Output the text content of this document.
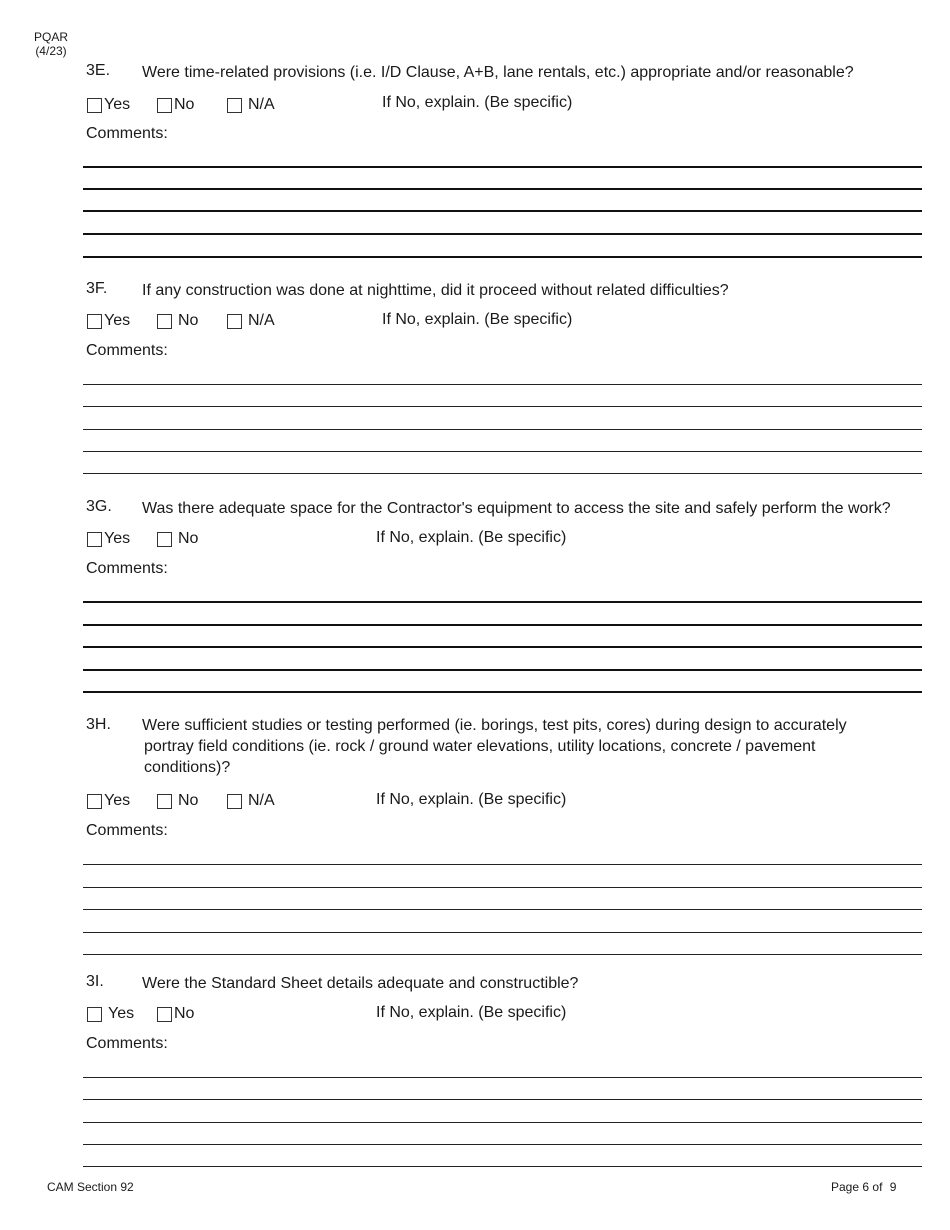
PQAR
(4/23)
3E. Were time-related provisions (i.e. I/D Clause, A+B, lane rentals, etc.) appropriate and/or reasonable?
Yes	No	N/A	If No, explain. (Be specific)
Comments:
3F. If any construction was done at nighttime, did it proceed without related difficulties?
Yes	No	N/A	If No, explain. (Be specific)
Comments:
3G. Was there adequate space for the Contractor's equipment to access the site and safely perform the work?
Yes	No	If No, explain. (Be specific)
Comments:
3H. Were sufficient studies or testing performed (ie. borings, test pits, cores) during design to accurately
portray field conditions (ie. rock / ground water elevations, utility locations, concrete / pavement
conditions)?
Yes	No	N/A	If No, explain. (Be specific)
Comments:
3I. Were the Standard Sheet details adequate and constructible?
Yes No	If No, explain. (Be specific)
Comments:
CAM Section 92	Page 6 of 9
